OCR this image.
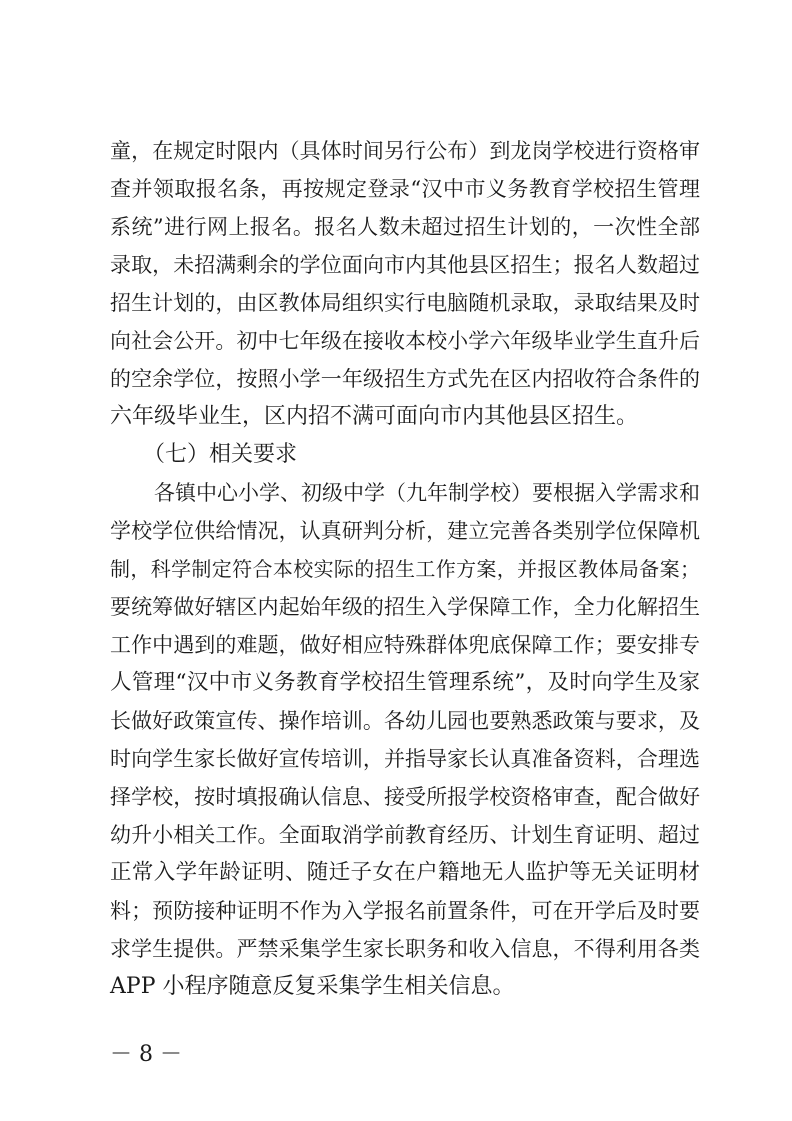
童，在规定时限内（具体时间另行公布）到龙岗学校进行资格审
查并领取报名条，再按规定登录“汉中市义务教育学校招生管理
系统”进行网上报名。报名人数未超过招生计划的，一次性全部
录取，未招满剩余的学位面向市内其他县区招生；报名人数超过
招生计划的，由区教体局组织实行电脑随机录取，录取结果及时
向社会公开。初中七年级在接收本校小学六年级毕业学生直升后
的空余学位，按照小学一年级招生方式先在区内招收符合条件的
六年级毕业生，区内招不满可面向市内其他县区招生。
（七）相关要求
各镇中心小学、初级中学（九年制学校）要根据入学需求和
学校学位供给情况，认真研判分析，建立完善各类别学位保障机
制，科学制定符合本校实际的招生工作方案，并报区教体局备案；
要统筹做好辖区内起始年级的招生入学保障工作，全力化解招生
工作中遇到的难题，做好相应特殊群体兜底保障工作；要安排专
人管理“汉中市义务教育学校招生管理系统”，及时向学生及家
长做好政策宣传、操作培训。各幼儿园也要熟悉政策与要求，及
时向学生家长做好宣传培训，并指导家长认真准备资料，合理选
择学校，按时填报确认信息、接受所报学校资格审查，配合做好
幼升小相关工作。全面取消学前教育经历、计划生育证明、超过
正常入学年龄证明、随迁子女在户籍地无人监护等无关证明材
料；预防接种证明不作为入学报名前置条件，可在开学后及时要
求学生提供。严禁采集学生家长职务和收入信息，不得利用各类
APP 小程序随意反复采集学生相关信息。
－ 8 －
